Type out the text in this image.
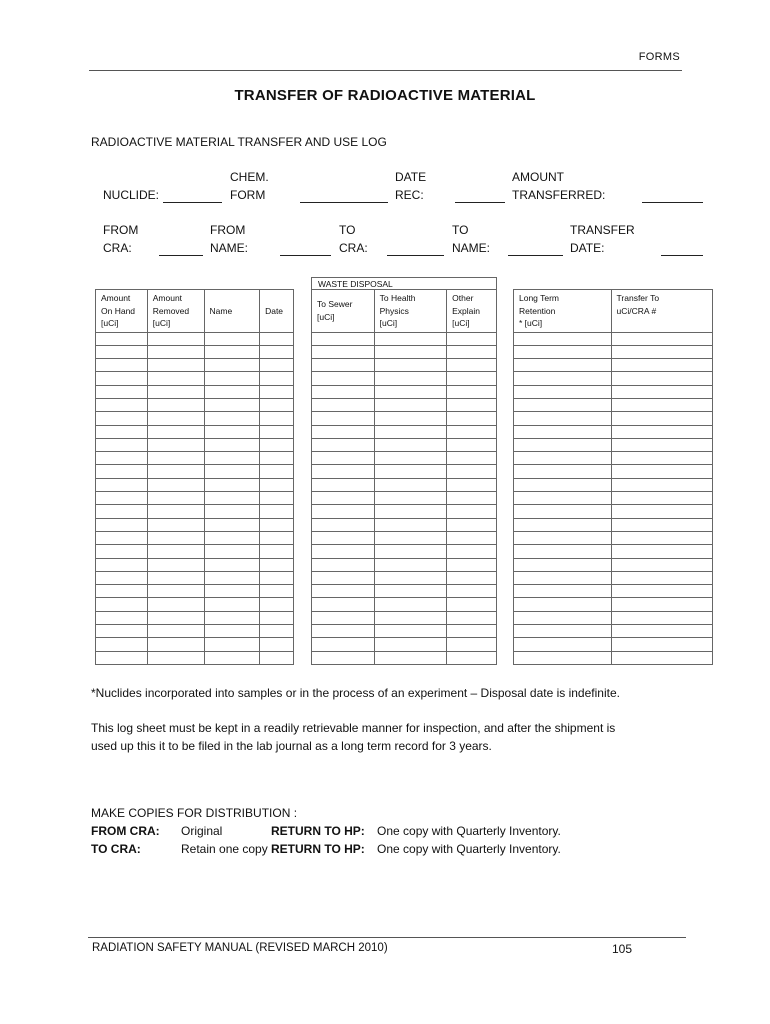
FORMS
TRANSFER OF RADIOACTIVE MATERIAL
RADIOACTIVE MATERIAL TRANSFER AND USE LOG
NUCLIDE:
CHEM.
FORM
DATE
REC:
AMOUNT
TRANSFERRED:
FROM
CRA:
FROM
NAME:
TO
CRA:
TO
NAME:
TRANSFER
DATE:
WASTE DISPOSAL
Amount
On Hand
[uCi]	Amount
Removed
[uCi]	Name	Date

To Sewer
[uCi]	To Health
Physics
[uCi]	Other
Explain
[uCi]

Long Term
Retention
* [uCi]	Transfer To
uCi/CRA #

*Nuclides incorporated into samples or in the process of an experiment – Disposal date is indefinite.
This log sheet must be kept in a readily retrievable manner for inspection, and after the shipment is
used up this it to be filed in the lab journal as a long term record for 3 years.
MAKE COPIES FOR DISTRIBUTION :
FROM CRA: Original	RETURN TO HP: One copy with Quarterly Inventory.
TO CRA:	Retain one copy RETURN TO HP: One copy with Quarterly Inventory.
RADIATION SAFETY MANUAL (REVISED MARCH 2010)	105
